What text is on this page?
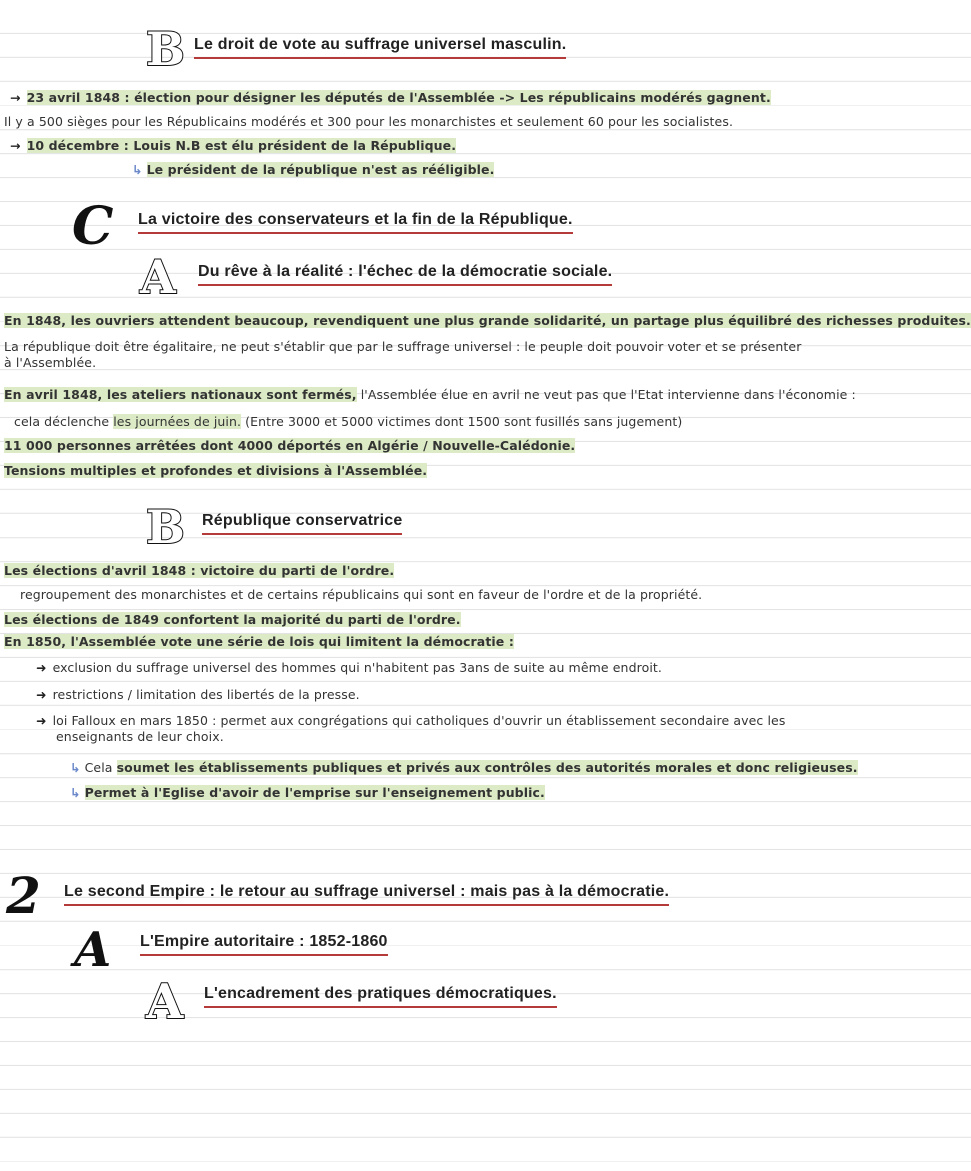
B Le droit de vote au suffrage universel masculin.
→ 23 avril 1848 : élection pour désigner les députés de l'Assemblée -> Les républicains modérés gagnent.
Il y a 500 sièges pour les Républicains modérés et 300 pour les monarchistes et seulement 60 pour les socialistes.
→ 10 décembre : Louis N.B est élu président de la République.
↳ Le président de la république n'est as rééligible.
C La victoire des conservateurs et la fin de la République.
A Du rêve à la réalité : l'échec de la démocratie sociale.
En 1848, les ouvriers attendent beaucoup, revendiquent une plus grande solidarité, un partage plus équilibré des richesses produites.
La république doit être égalitaire, ne peut s'établir que par le suffrage universel : le peuple doit pouvoir voter et se présenter à l'Assemblée.
En avril 1848, les ateliers nationaux sont fermés, l'Assemblée élue en avril ne veut pas que l'Etat intervienne dans l'économie :
cela déclenche les journées de juin. (Entre 3000 et 5000 victimes dont 1500 sont fusillés sans jugement)
11 000 personnes arrêtées dont 4000 déportés en Algérie / Nouvelle-Calédonie.
Tensions multiples et profondes et divisions à l'Assemblée.
B République conservatrice
Les élections d'avril 1848 : victoire du parti de l'ordre.
regroupement des monarchistes et de certains républicains qui sont en faveur de l'ordre et de la propriété.
Les élections de 1849 confortent la majorité du parti de l'ordre.
En 1850, l'Assemblée vote une série de lois qui limitent la démocratie :
➜ exclusion du suffrage universel des hommes qui n'habitent pas 3ans de suite au même endroit.
➜ restrictions / limitation des libertés de la presse.
➜ loi Falloux en mars 1850 : permet aux congrégations qui catholiques d'ouvrir un établissement secondaire avec les enseignants de leur choix.
↳ Cela soumet les établissements publiques et privés aux contrôles des autorités morales et donc religieuses.
↳ Permet à l'Eglise d'avoir de l'emprise sur l'enseignement public.
2 Le second Empire : le retour au suffrage universel : mais pas à la démocratie.
A L'Empire autoritaire : 1852-1860
A L'encadrement des pratiques démocratiques.
